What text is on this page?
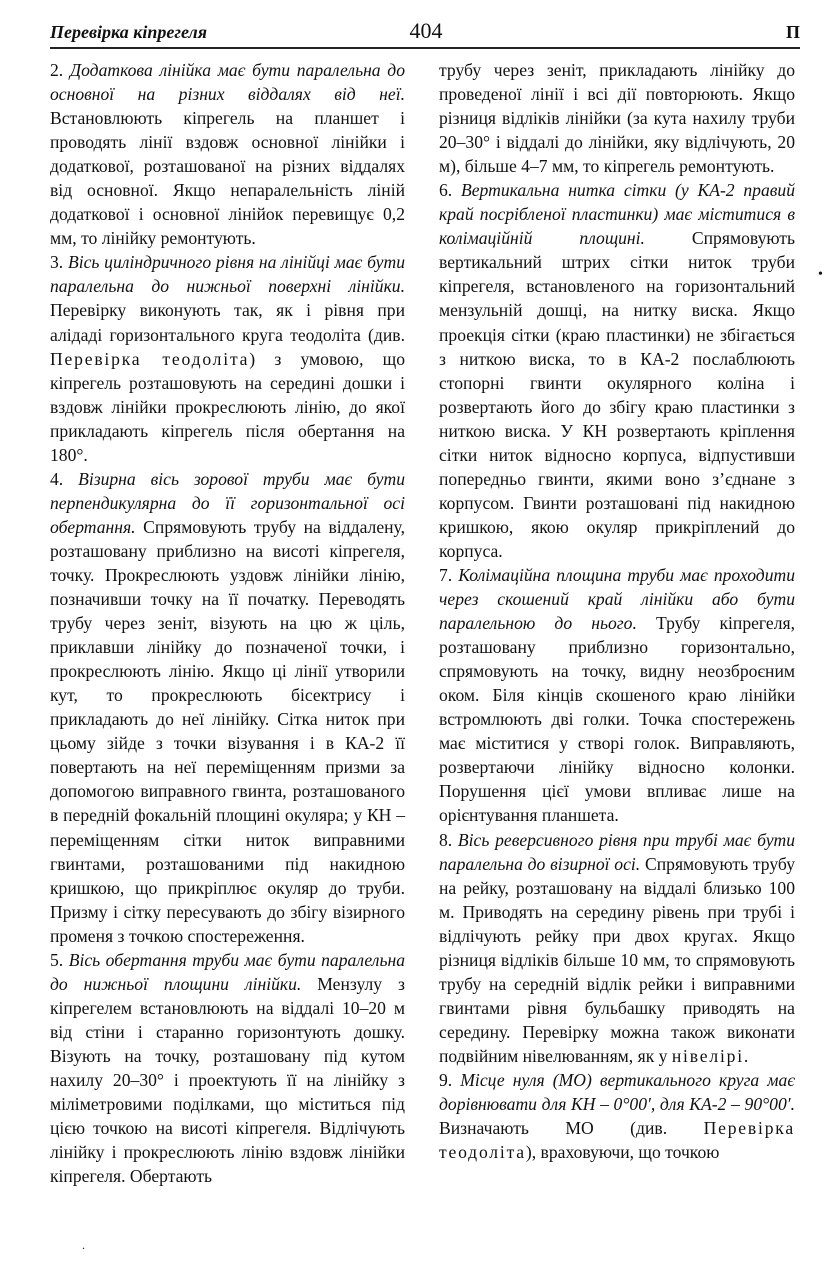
Перевірка кіпрегеля	404	П

2. Додаткова лінійка має бути паралельна до основної на різних віддалях від неї. Встановлюють кіпрегель на планшет і проводять лінії вздовж основної лінійки і додаткової, розташованої на різних віддалях від основної. Якщо непаралельність ліній додаткової і основної лінійок перевищує 0,2 мм, то лінійку ремонтують.

3. Вісь циліндричного рівня на лінійці має бути паралельна до нижньої поверхні лінійки. Перевірку виконують так, як і рівня при алідаді горизонтального круга теодоліта (див. Перевірка теодоліта) з умовою, що кіпрегель розташовують на середині дошки і вздовж лінійки прокреслюють лінію, до якої прикладають кіпрегель після обертання на 180°.

4. Візирна вісь зорової труби має бути перпендикулярна до її горизонтальної осі обертання. Спрямовують трубу на віддалену, розташовану приблизно на висоті кіпрегеля, точку. Прокреслюють уздовж лінійки лінію, позначивши точку на її початку. Переводять трубу через зеніт, візують на цю ж ціль, приклавши лінійку до позначеної точки, і прокреслюють лінію. Якщо ці лінії утворили кут, то прокреслюють бісектрису і прикладають до неї лінійку. Сітка ниток при цьому зійде з точки візування і в КА-2 її повертають на неї переміщенням призми за допомогою виправного гвинта, розташованого в передній фокальній площині окуляра; у КН – переміщенням сітки ниток виправними гвинтами, розташованими під накидною кришкою, що прикріплює окуляр до труби. Призму і сітку пересувають до збігу візирного променя з точкою спостереження.

5. Вісь обертання труби має бути паралельна до нижньої площини лінійки. Мензулу з кіпрегелем встановлюють на віддалі 10–20 м від стіни і старанно горизонтують дошку. Візують на точку, розташовану під кутом нахилу 20–30° і проектують її на лінійку з міліметровими поділками, що міститься під цією точкою на висоті кіпрегеля. Відлічують лінійку і прокреслюють лінію вздовж лінійки кіпрегеля. Обертають

трубу через зеніт, прикладають лінійку до проведеної лінії і всі дії повторюють. Якщо різниця відліків лінійки (за кута нахилу труби 20–30° і віддалі до лінійки, яку відлічують, 20 м), більше 4–7 мм, то кіпрегель ремонтують.

6. Вертикальна нитка сітки (у КА-2 правий край посрібленої пластинки) має міститися в колімаційній площині. Спрямовують вертикальний штрих сітки ниток труби кіпрегеля, встановленого на горизонтальний мензульній дошці, на нитку виска. Якщо проекція сітки (краю пластинки) не збігається з ниткою виска, то в КА-2 послаблюють стопорні гвинти окулярного коліна і розвертають його до збігу краю пластинки з ниткою виска. У КН розвертають кріплення сітки ниток відносно корпуса, відпустивши попередньо гвинти, якими воно з’єднане з корпусом. Гвинти розташовані під накидною кришкою, якою окуляр прикріплений до корпуса.

7. Колімаційна площина труби має проходити через скошений край лінійки або бути паралельною до нього. Трубу кіпрегеля, розташовану приблизно горизонтально, спрямовують на точку, видну неозброєним оком. Біля кінців скошеного краю лінійки встромлюють дві голки. Точка спостережень має міститися у створі голок. Виправляють, розвертаючи лінійку відносно колонки. Порушення цієї умови впливає лише на орієнтування планшета.

8. Вісь реверсивного рівня при трубі має бути паралельна до візирної осі. Спрямовують трубу на рейку, розташовану на віддалі близько 100 м. Приводять на середину рівень при трубі і відлічують рейку при двох кругах. Якщо різниця відліків більше 10 мм, то спрямовують трубу на середній відлік рейки і виправними гвинтами рівня бульбашку приводять на середину. Перевірку можна також виконати подвійним нівелюванням, як у нівелірі.

9. Місце нуля (МО) вертикального круга має дорівнювати для КН – 0°00′, для КА-2 – 90°00′. Визначають МО (див. Перевірка теодоліта), враховуючи, що точкою

•
.
